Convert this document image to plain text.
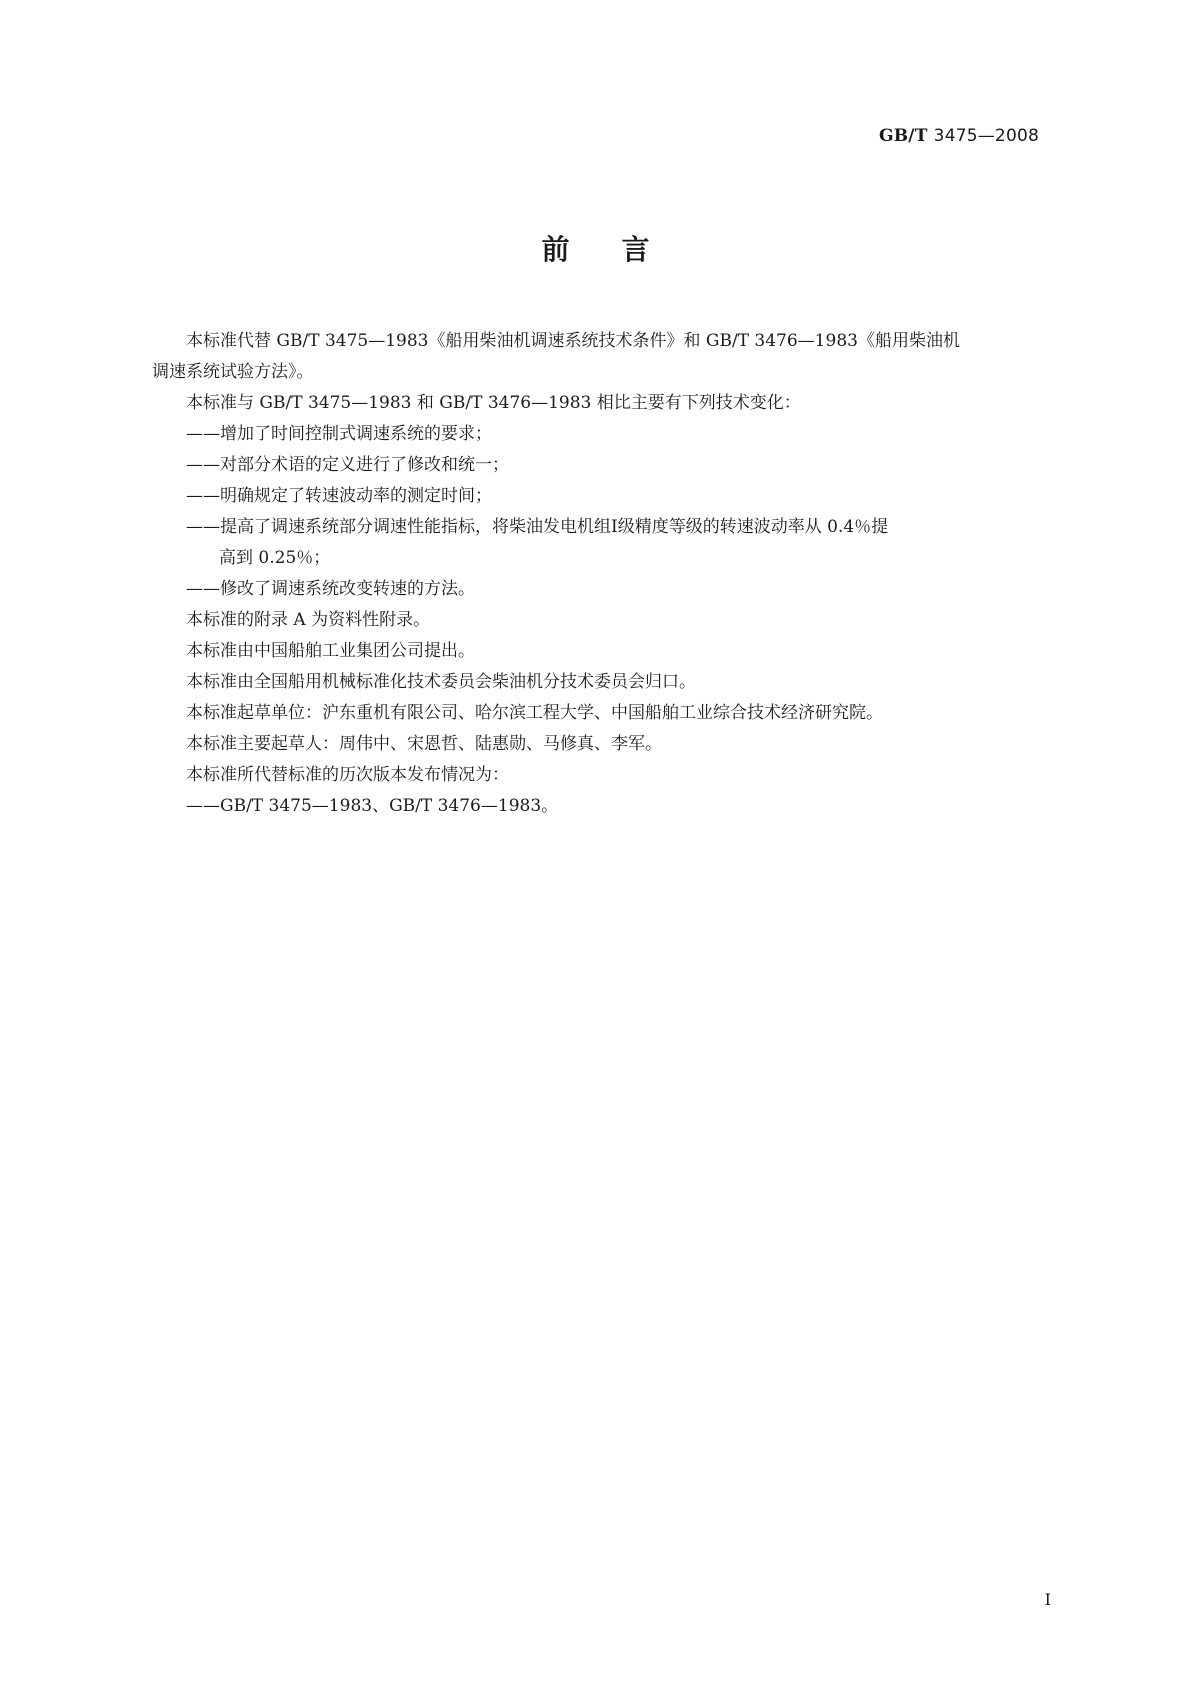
GB/T 3475—2008
前言

本标准代替 GB/T 3475—1983《船用柴油机调速系统技术条件》和 GB/T 3476—1983《船用柴油机

调速系统试验方法》。

本标准与 GB/T 3475—1983 和 GB/T 3476—1983 相比主要有下列技术变化：

——增加了时间控制式调速系统的要求；

——对部分术语的定义进行了修改和统一；

——明确规定了转速波动率的测定时间；

——提高了调速系统部分调速性能指标，将柴油发电机组Ⅰ级精度等级的转速波动率从 0.4％提

高到 0.25％；

——修改了调速系统改变转速的方法。

本标准的附录 A 为资料性附录。

本标准由中国船舶工业集团公司提出。

本标准由全国船用机械标准化技术委员会柴油机分技术委员会归口。

本标准起草单位：沪东重机有限公司、哈尔滨工程大学、中国船舶工业综合技术经济研究院。

本标准主要起草人：周伟中、宋恩哲、陆惠勋、马修真、李军。

本标准所代替标准的历次版本发布情况为：

——GB/T 3475—1983、GB/T 3476—1983。

I
